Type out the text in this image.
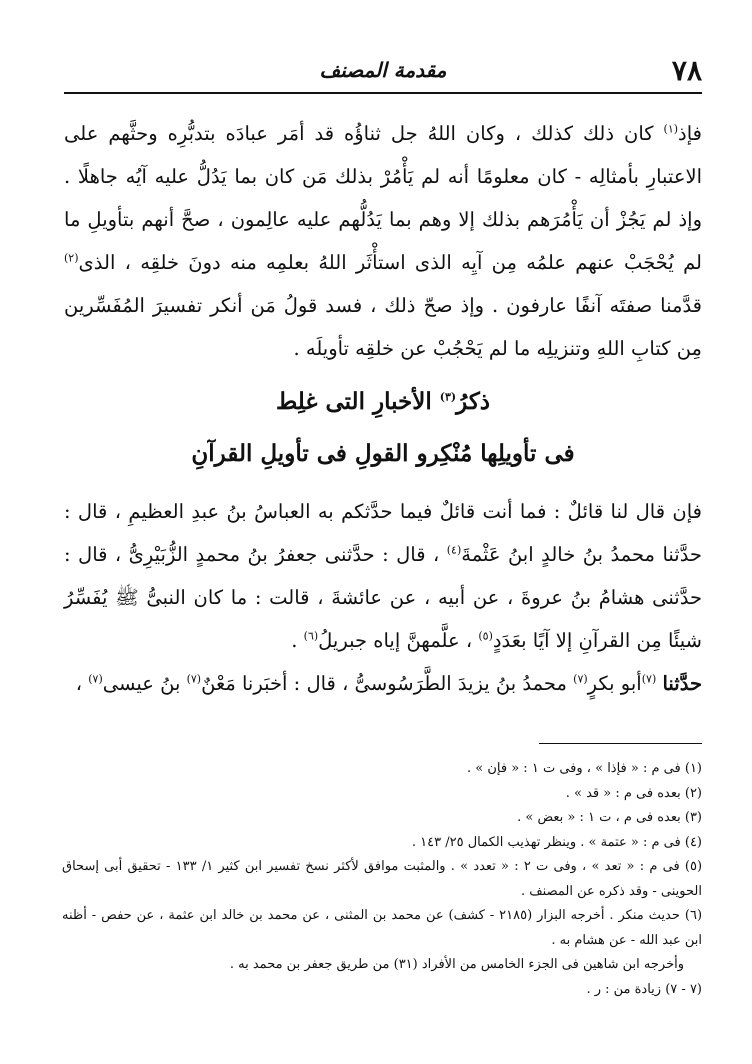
٧٨
مقدمة المصنف

فإذ$^{(١)}$ كان ذلك كذلك ، وكان اللهُ جل ثناؤُه قد أمَر عبادَه بتدبُّرِه وحثَّهم على الاعتبارِ بأمثالِه - كان معلومًا أنه لم يَأْمُرْ بذلك مَن كان بما يَدُلُّ عليه آيُه جاهلًا . وإذ لم يَجُزْ أن يَأْمُرَهم بذلك إلا وهم بما يَدُلُّهم عليه عالِمون ، صحَّ أنهم بتأويلِ ما لم يُحْجَبْ عنهم علمُه مِن آيِه الذى استأْثَر اللهُ بعلمِه منه دونَ خلقِه ، الذى$^{(٢)}$ قدَّمنا صفتَه آنفًا عارفون . وإذ صحّ ذلك ، فسد قولُ مَن أنكر تفسيرَ المُفَسِّرين مِن كتابِ اللهِ وتنزيلِه ما لم يَحْجُبْ عن خلقِه تأويلَه .

ذكرُ$^{(٣)}$ الأخبارِ التى غلِط
فى تأويلِها مُنْكِرو القولِ فى تأويلِ القرآنِ

فإن قال لنا قائلٌ : فما أنت قائلٌ فيما حدَّثكم به العباسُ بنُ عبدِ العظيمِ ، قال : حدَّثنا محمدُ بنُ خالدٍ ابنُ عَثْمةَ$^{(٤)}$ ، قال : حدَّثنى جعفرُ بنُ محمدٍ الزُّبَيْرِىُّ ، قال : حدَّثنى هشامُ بنُ عروةَ ، عن أبيه ، عن عائشةَ ، قالت : ما كان النبىُّ ﷺ يُفَسِّرُ شيئًا مِن القرآنِ إلا آيًا بعَدَدٍ$^{(٥)}$ ، علَّمهنَّ إياه جبريلُ$^{(٦)}$ .

حدَّثنا $^{(٧)}$أبو بكرٍ$^{(٧)}$ محمدُ بنُ يزيدَ الطَّرَسُوسىُّ ، قال : أخبَرنا مَعْنٌ$^{(٧)}$ بنُ عيسى$^{(٧)}$ ،

(١) فى م : « فإذا » ، وفى ت ١ : « فإن » .

(٢) بعده فى م : « قد » .

(٣) بعده فى م ، ت ١ : « بعض » .

(٤) فى م : « عتمة » . وينظر تهذيب الكمال ٢٥/ ١٤٣ .

(٥) فى م : « تعد » ، وفى ت ٢ : « تعدد » . والمثبت موافق لأكثر نسخ تفسير ابن كثير ١/ ١٣٣ - تحقيق أبى إسحاق الحوينى - وقد ذكره عن المصنف .

(٦) حديث منكر . أخرجه البزار (٢١٨٥ - كشف) عن محمد بن المثنى ، عن محمد بن خالد ابن عثمة ، عن حفص - أظنه ابن عبد الله - عن هشام به .

وأخرجه ابن شاهين فى الجزء الخامس من الأفراد (٣١) من طريق جعفر بن محمد به .

(٧ - ٧) زيادة من : ر .
